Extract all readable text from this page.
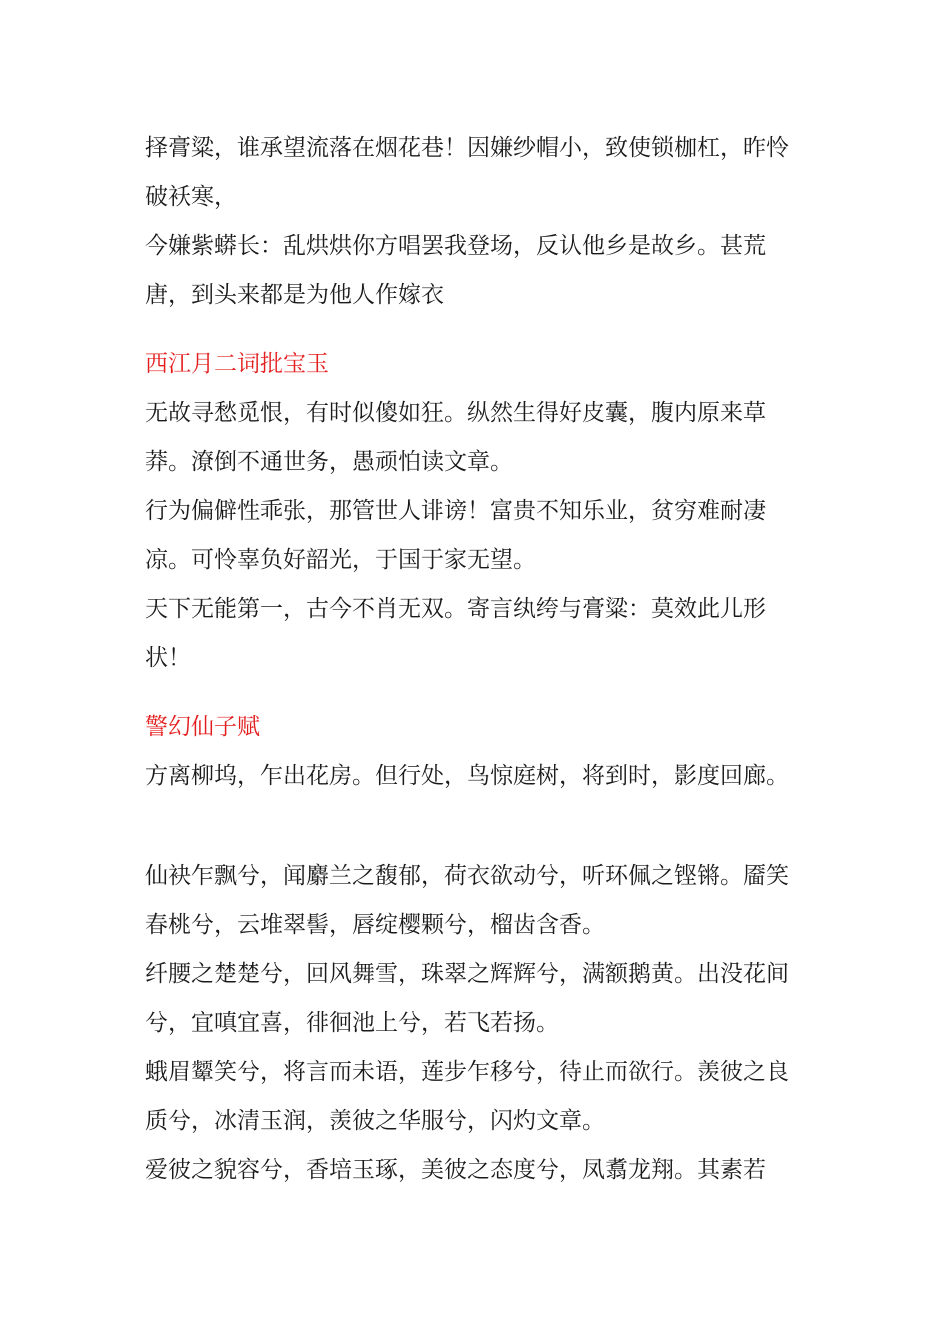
择膏粱，谁承望流落在烟花巷！因嫌纱帽小，致使锁枷杠，昨怜破袄寒，

今嫌紫蟒长：乱烘烘你方唱罢我登场，反认他乡是故乡。甚荒唐，到头来都是为他人作嫁衣

西江月二词批宝玉

无故寻愁觅恨，有时似傻如狂。纵然生得好皮囊，腹内原来草莽。潦倒不通世务，愚顽怕读文章。

行为偏僻性乖张，那管世人诽谤！富贵不知乐业，贫穷难耐凄凉。可怜辜负好韶光，于国于家无望。

天下无能第一，古今不肖无双。寄言纨绔与膏粱：莫效此儿形状！

警幻仙子赋

方离柳坞，乍出花房。但行处，鸟惊庭树，将到时，影度回廊。

仙袂乍飘兮，闻麝兰之馥郁，荷衣欲动兮，听环佩之铿锵。靥笑春桃兮，云堆翠髻，唇绽樱颗兮，榴齿含香。

纤腰之楚楚兮，回风舞雪，珠翠之辉辉兮，满额鹅黄。出没花间兮，宜嗔宜喜，徘徊池上兮，若飞若扬。

蛾眉颦笑兮，将言而未语，莲步乍移兮，待止而欲行。羡彼之良质兮，冰清玉润，羡彼之华服兮，闪灼文章。

爱彼之貌容兮，香培玉琢，美彼之态度兮，凤翥龙翔。其素若
